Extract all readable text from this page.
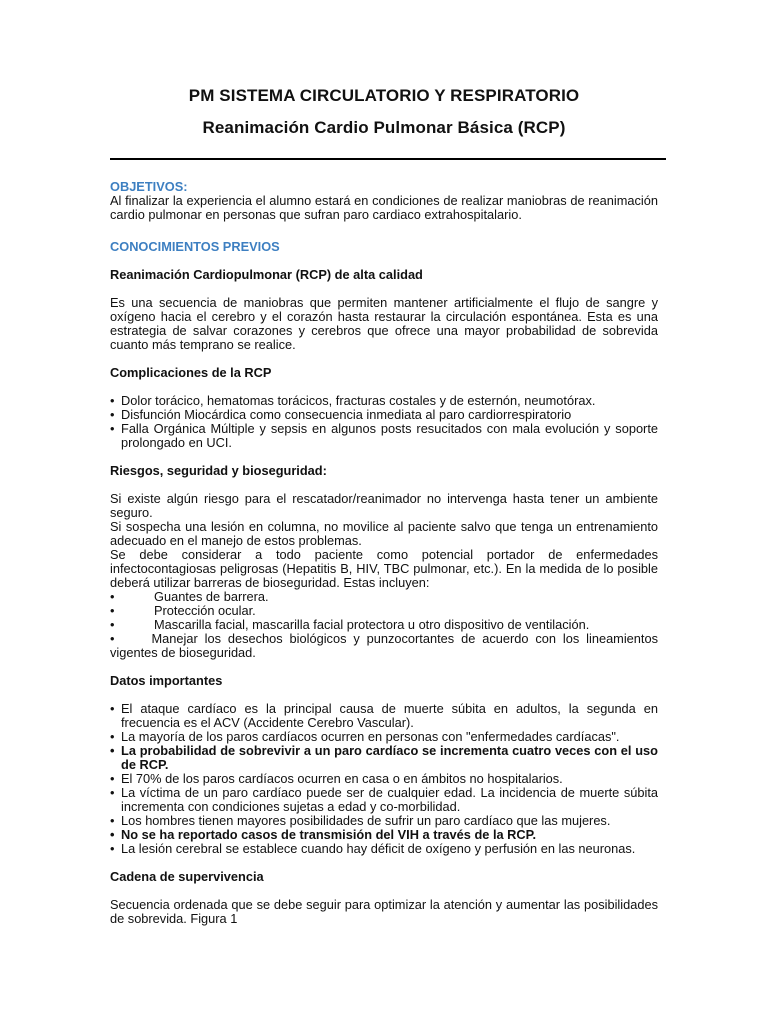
PM SISTEMA CIRCULATORIO Y RESPIRATORIO
Reanimación Cardio Pulmonar Básica (RCP)
OBJETIVOS:

Al finalizar la experiencia el alumno estará en condiciones de realizar maniobras de reanimación cardio pulmonar en personas que sufran paro cardiaco extrahospitalario.

CONOCIMIENTOS PREVIOS
Reanimación Cardiopulmonar (RCP) de alta calidad

Es una secuencia de maniobras que permiten mantener artificialmente el flujo de sangre y oxígeno hacia el cerebro y el corazón hasta restaurar la circulación espontánea. Esta es una estrategia de salvar corazones y cerebros que ofrece una mayor probabilidad de sobrevida cuanto más temprano se realice.

Complicaciones de la RCP
• Dolor torácico, hematomas torácicos, fracturas costales y de esternón, neumotórax.
• Disfunción Miocárdica como consecuencia inmediata al paro cardiorrespiratorio
• Falla Orgánica Múltiple y sepsis en algunos posts resucitados con mala evolución y soporte prolongado en UCI.
Riesgos, seguridad y bioseguridad:

Si existe algún riesgo para el rescatador/reanimador no intervenga hasta tener un ambiente seguro.

Si sospecha una lesión en columna, no movilice al paciente salvo que tenga un entrenamiento adecuado en el manejo de estos problemas.

Se debe considerar a todo paciente como potencial portador de enfermedades infectocontagiosas peligrosas (Hepatitis B, HIV, TBC pulmonar, etc.). En la medida de lo posible deberá utilizar barreras de bioseguridad. Estas incluyen:

•	Guantes de barrera.
•	Protección ocular.
•	Mascarilla facial, mascarilla facial protectora u otro dispositivo de ventilación.
•	Manejar los desechos biológicos y punzocortantes de acuerdo con los lineamientos vigentes de bioseguridad.
Datos importantes
• El ataque cardíaco es la principal causa de muerte súbita en adultos, la segunda en frecuencia es el ACV (Accidente Cerebro Vascular).
• La mayoría de los paros cardíacos ocurren en personas con "enfermedades cardíacas".
• La probabilidad de sobrevivir a un paro cardíaco se incrementa cuatro veces con el uso de RCP.
• El 70% de los paros cardíacos ocurren en casa o en ámbitos no hospitalarios.
• La víctima de un paro cardíaco puede ser de cualquier edad. La incidencia de muerte súbita incrementa con condiciones sujetas a edad y co-morbilidad.
• Los hombres tienen mayores posibilidades de sufrir un paro cardíaco que las mujeres.
• No se ha reportado casos de transmisión del VIH a través de la RCP.
• La lesión cerebral se establece cuando hay déficit de oxígeno y perfusión en las neuronas.
Cadena de supervivencia

Secuencia ordenada que se debe seguir para optimizar la atención y aumentar las posibilidades de sobrevida. Figura 1
